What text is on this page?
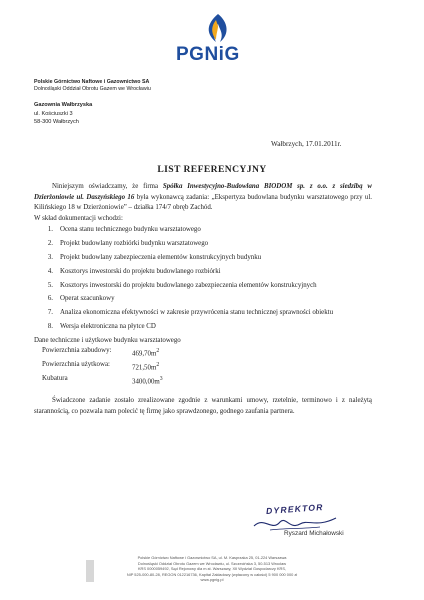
PGNiG
Polskie Górnictwo Naftowe i Gazownictwo SA
Dolnośląski Oddział Obrotu Gazem we Wrocławiu
Gazownia Wałbrzyska
ul. Kościuszki 3
58-300 Wałbrzych
Wałbrzych, 17.01.2011r.
LIST REFERENCYJNY
Niniejszym oświadczamy, że firma Spółka Inwestycyjno-Budowlana BIODOM sp. z o.o. z siedzibą w Dzierżoniowie ul. Daszyńskiego 16 była wykonawcą zadania: „Ekspertyza budowlana budynku warsztatowego przy ul. Kilińskiego 18 w Dzierżoniowie” – działka 174/7 obręb Zachód.
W skład dokumentacji wchodzi:
1.	Ocena stanu technicznego budynku warsztatowego
2.	Projekt budowlany rozbiórki budynku warsztatowego
3.	Projekt budowlany zabezpieczenia elementów konstrukcyjnych budynku
4.	Kosztorys inwestorski do projektu budowlanego rozbiórki
5.	Kosztorys inwestorski do projektu budowlanego zabezpieczenia elementów konstrukcyjnych
6.	Operat szacunkowy
7.	Analiza ekonomiczna efektywności w zakresie przywrócenia stanu technicznej sprawności obiektu
8.	Wersja elektroniczna na płytce CD
Dane techniczne i użytkowe budynku warsztatowego
Powierzchnia zabudowy:	$469,70m^2$
Powierzchnia użytkowa:	$721,50m^2$
Kubatura	$3400,00m^3$
Świadczone zadanie zostało zrealizowane zgodnie z warunkami umowy, rzetelnie, terminowo i z należytą starannością, co pozwala nam polecić tę firmę jako sprawdzonego, godnego zaufania partnera.
DYREKTOR
Ryszard Michałowski
Polskie Górnictwo Naftowe i Gazownictwo SA, ul. M. Kasprzaka 25, 01-224 Warszawa
Dolnośląski Oddział Obrotu Gazem we Wrocławiu, ul. Szczecińska 3, 50-513 Wrocław
KRS 0000059492, Sąd Rejonowy dla m.st. Warszawy, XII Wydział Gospodarczy KRS,
NIP 525-000-80-28, REGON 012216736, Kapitał Zakładowy (wpłacony w całości) 5 900 000 000 zł
www.pgnig.pl
